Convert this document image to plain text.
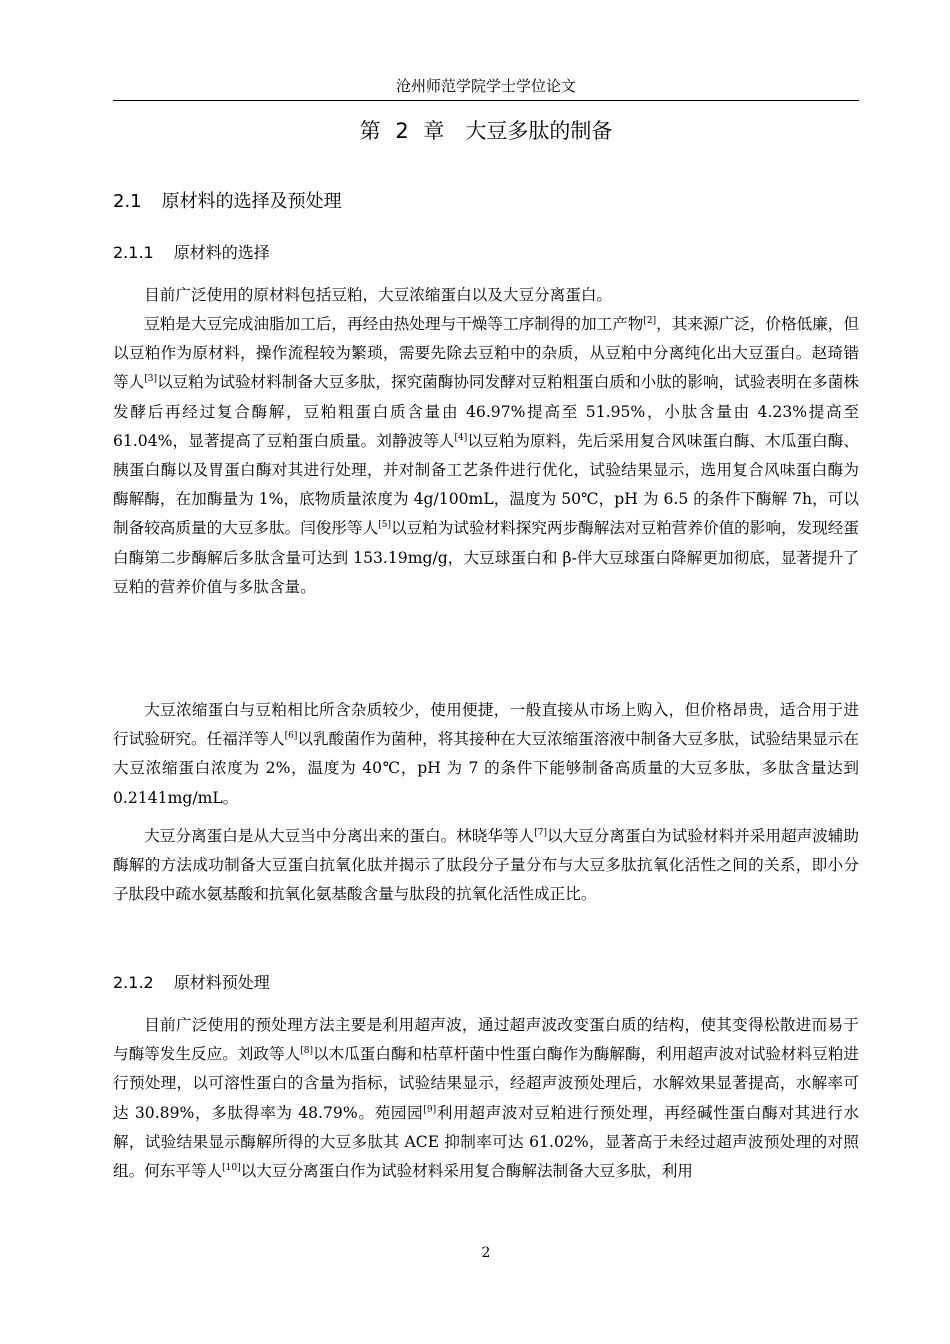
沧州师范学院学士学位论文
第 2 章　大豆多肽的制备
2.1 原材料的选择及预处理
2.1.1 原材料的选择

目前广泛使用的原材料包括豆粕，大豆浓缩蛋白以及大豆分离蛋白。

豆粕是大豆完成油脂加工后，再经由热处理与干燥等工序制得的加工产物[2]，其来源广泛，价格低廉，但以豆粕作为原材料，操作流程较为繁琐，需要先除去豆粕中的杂质，从豆粕中分离纯化出大豆蛋白。赵琦锴等人[3]以豆粕为试验材料制备大豆多肽，探究菌酶协同发酵对豆粕粗蛋白质和小肽的影响，试验表明在多菌株发酵后再经过复合酶解，豆粕粗蛋白质含量由 46.97%提高至 51.95%，小肽含量由 4.23%提高至 61.04%，显著提高了豆粕蛋白质量。刘静波等人[4]以豆粕为原料，先后采用复合风味蛋白酶、木瓜蛋白酶、胰蛋白酶以及胃蛋白酶对其进行处理，并对制备工艺条件进行优化，试验结果显示，选用复合风味蛋白酶为酶解酶，在加酶量为 1%，底物质量浓度为 4g/100mL，温度为 50℃，pH 为 6.5 的条件下酶解 7h，可以制备较高质量的大豆多肽。闫俊彤等人[5]以豆粕为试验材料探究两步酶解法对豆粕营养价值的影响，发现经蛋白酶第二步酶解后多肽含量可达到 153.19mg/g，大豆球蛋白和 β-伴大豆球蛋白降解更加彻底，显著提升了豆粕的营养价值与多肽含量。

大豆浓缩蛋白与豆粕相比所含杂质较少，使用便捷，一般直接从市场上购入，但价格昂贵，适合用于进行试验研究。任福洋等人[6]以乳酸菌作为菌种，将其接种在大豆浓缩蛋溶液中制备大豆多肽，试验结果显示在大豆浓缩蛋白浓度为 2%，温度为 40℃，pH 为 7 的条件下能够制备高质量的大豆多肽，多肽含量达到 0.2141mg/mL。

大豆分离蛋白是从大豆当中分离出来的蛋白。林晓华等人[7]以大豆分离蛋白为试验材料并采用超声波辅助酶解的方法成功制备大豆蛋白抗氧化肽并揭示了肽段分子量分布与大豆多肽抗氧化活性之间的关系，即小分子肽段中疏水氨基酸和抗氧化氨基酸含量与肽段的抗氧化活性成正比。

2.1.2 原材料预处理

目前广泛使用的预处理方法主要是利用超声波，通过超声波改变蛋白质的结构，使其变得松散进而易于与酶等发生反应。刘政等人[8]以木瓜蛋白酶和枯草杆菌中性蛋白酶作为酶解酶，利用超声波对试验材料豆粕进行预处理，以可溶性蛋白的含量为指标，试验结果显示，经超声波预处理后，水解效果显著提高，水解率可达 30.89%，多肽得率为 48.79%。苑园园[9]利用超声波对豆粕进行预处理，再经碱性蛋白酶对其进行水解，试验结果显示酶解所得的大豆多肽其 ACE 抑制率可达 61.02%，显著高于未经过超声波预处理的对照组。何东平等人[10]以大豆分离蛋白作为试验材料采用复合酶解法制备大豆多肽，利用

2
